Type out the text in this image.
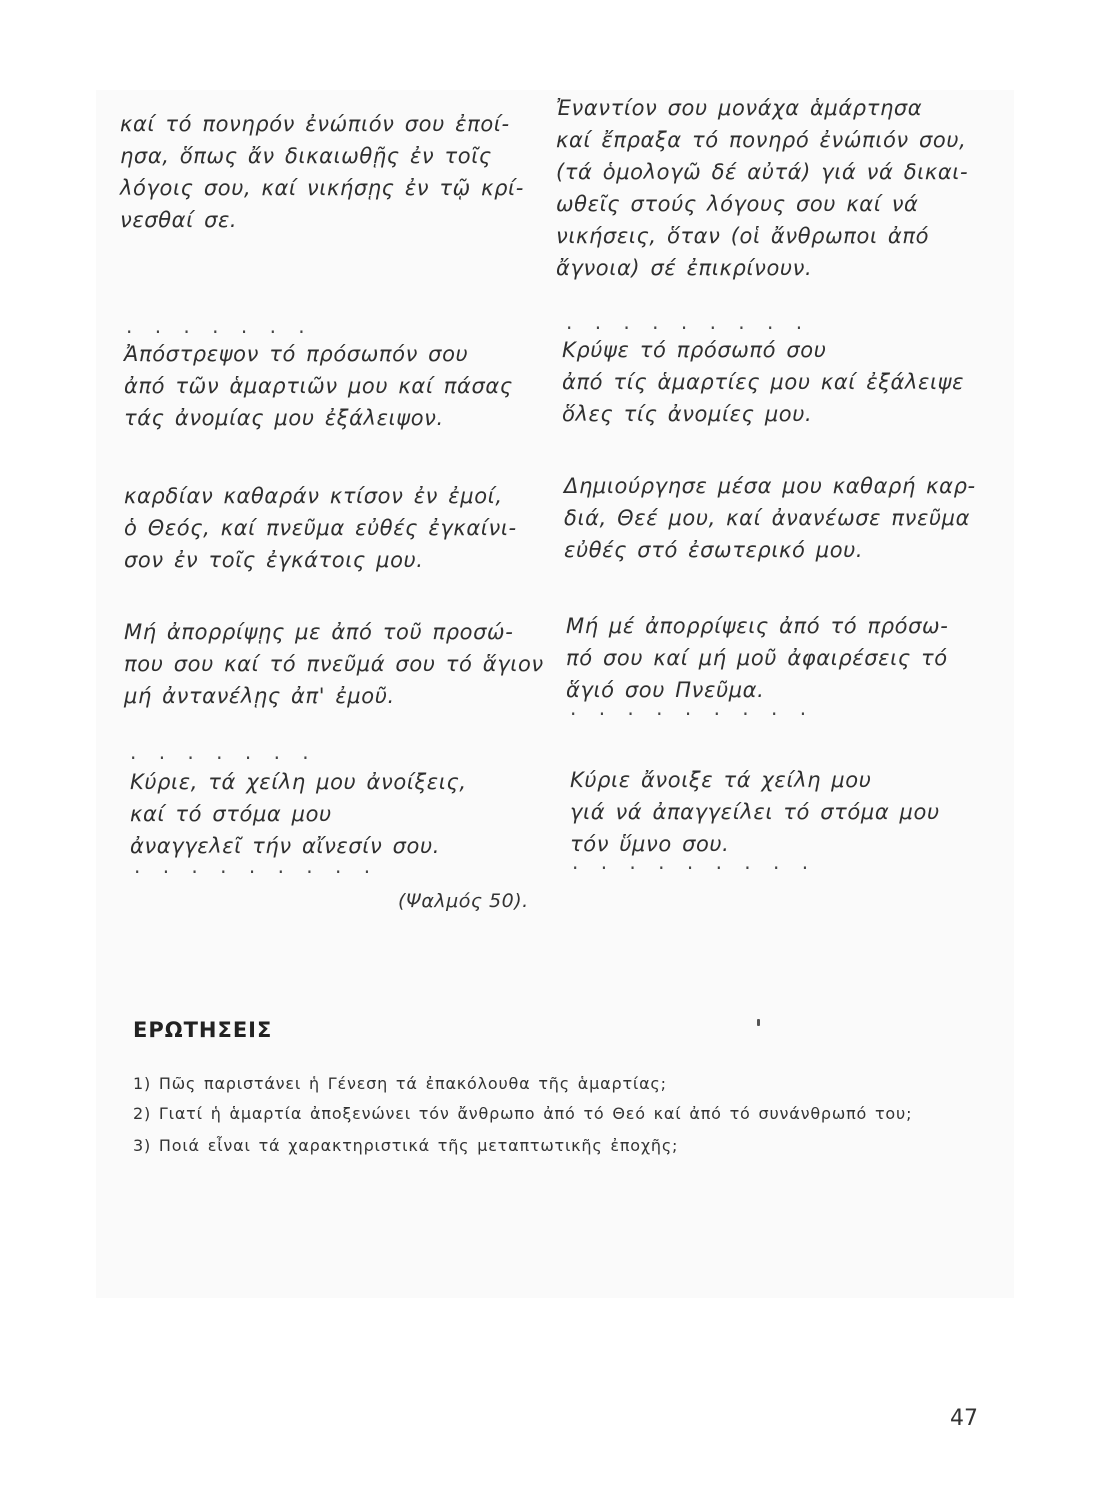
καί τό πονηρόν ἐνώπιόν σου ἐποί-
ησα, ὅπως ἄν δικαιωθῇς ἐν τοῖς
λόγοις σου, καί νικήσῃς ἐν τῷ κρί-
νεσθαί σε.
Ἐναντίον σου μονάχα ἁμάρτησα
καί ἔπραξα τό πονηρό ἐνώπιόν σου,
(τά ὁμολογῶ δέ αὐτά) γιά νά δικαι-
ωθεῖς στούς λόγους σου καί νά
νικήσεις, ὅταν (οἱ ἄνθρωποι ἀπό
ἄγνοια) σέ ἐπικρίνουν.
· · · · · · ·
Ἀπόστρεψον τό πρόσωπόν σου
ἀπό τῶν ἁμαρτιῶν μου καί πάσας
τάς ἀνομίας μου ἐξάλειψον.
· · · · · · · · ·
Κρύψε τό πρόσωπό σου
ἀπό τίς ἁμαρτίες μου καί ἐξάλειψε
ὅλες τίς ἀνομίες μου.
καρδίαν καθαράν κτίσον ἐν ἐμοί,
ὁ Θεός, καί πνεῦμα εὐθές ἐγκαίνι-
σον ἐν τοῖς ἐγκάτοις μου.
Δημιούργησε μέσα μου καθαρή καρ-
διά, Θεέ μου, καί ἀνανέωσε πνεῦμα
εὐθές στό ἐσωτερικό μου.
Μή ἀπορρίψῃς με ἀπό τοῦ προσώ-
που σου καί τό πνεῦμά σου τό ἅγιον
μή ἀντανέλῃς ἀπ' ἐμοῦ.
Μή μέ ἀπορρίψεις ἀπό τό πρόσω-
πό σου καί μή μοῦ ἀφαιρέσεις τό
ἅγιό σου Πνεῦμα.
· · · · · · · · ·
· · · · · · ·
Κύριε, τά χείλη μου ἀνοίξεις,
καί τό στόμα μου
ἀναγγελεῖ τήν αἴνεσίν σου.
· · · · · · · · ·
Κύριε ἄνοιξε τά χείλη μου
γιά νά ἀπαγγείλει τό στόμα μου
τόν ὕμνο σου.
· · · · · · · · ·
(Ψαλμός 50).
ΕΡΩΤΗΣΕΙΣ
1) Πῶς παριστάνει ἡ Γένεση τά ἐπακόλουθα τῆς ἁμαρτίας;
2) Γιατί ἡ ἁμαρτία ἀποξενώνει τόν ἄνθρωπο ἀπό τό Θεό καί ἀπό τό συνάνθρωπό του;
3) Ποιά εἶναι τά χαρακτηριστικά τῆς μεταπτωτικῆς ἐποχῆς;
47
